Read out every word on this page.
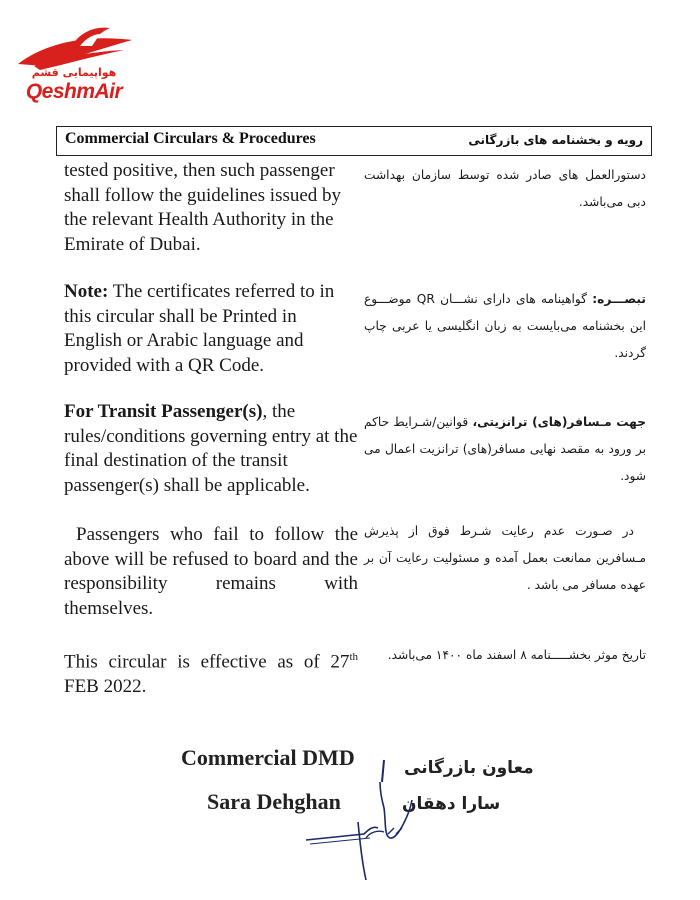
هواپیمایی قشم
QeshmAir
Commercial Circulars & Procedures	رویه و بخشنامه های بازرگانی
tested positive, then such passenger shall follow the guidelines issued by the relevant Health Authority in the Emirate of Dubai.
دستورالعمل های صادر شده توسط سازمان بهداشت دبی می‌باشد.
Note: The certificates referred to in this circular shall be Printed in English or Arabic language and provided with a QR Code.
تبصـــره: گواهینامه های دارای نشـــان QR موضـــوع این بخشنامه می‌بایست به زبان انگلیسی یا عربی چاپ گردند.
For Transit Passenger(s), the rules/conditions governing entry at the final destination of the transit passenger(s) shall be applicable.
جهت مـسافر(های) ترانزیتی، قوانین/شـرایط حاکم بر ورود به مقصد نهایی مسافر(های) ترانزیت اعمال می شود.
Passengers who fail to follow the above will be refused to board and the responsibility remains with themselves.
در صـورت عدم رعایت شـرط فوق از پذیرش مـسافرین ممانعت بعمل آمده و مسئولیت رعایت آن بر عهده مسافر می باشد .
This circular is effective as of 27th FEB 2022.
تاریخ موثر بخشـــــنامه ۸ اسفند ماه ۱۴۰۰ می‌باشد.
Commercial DMD
Sara Dehghan
معاون بازرگانی
سارا دهقان
